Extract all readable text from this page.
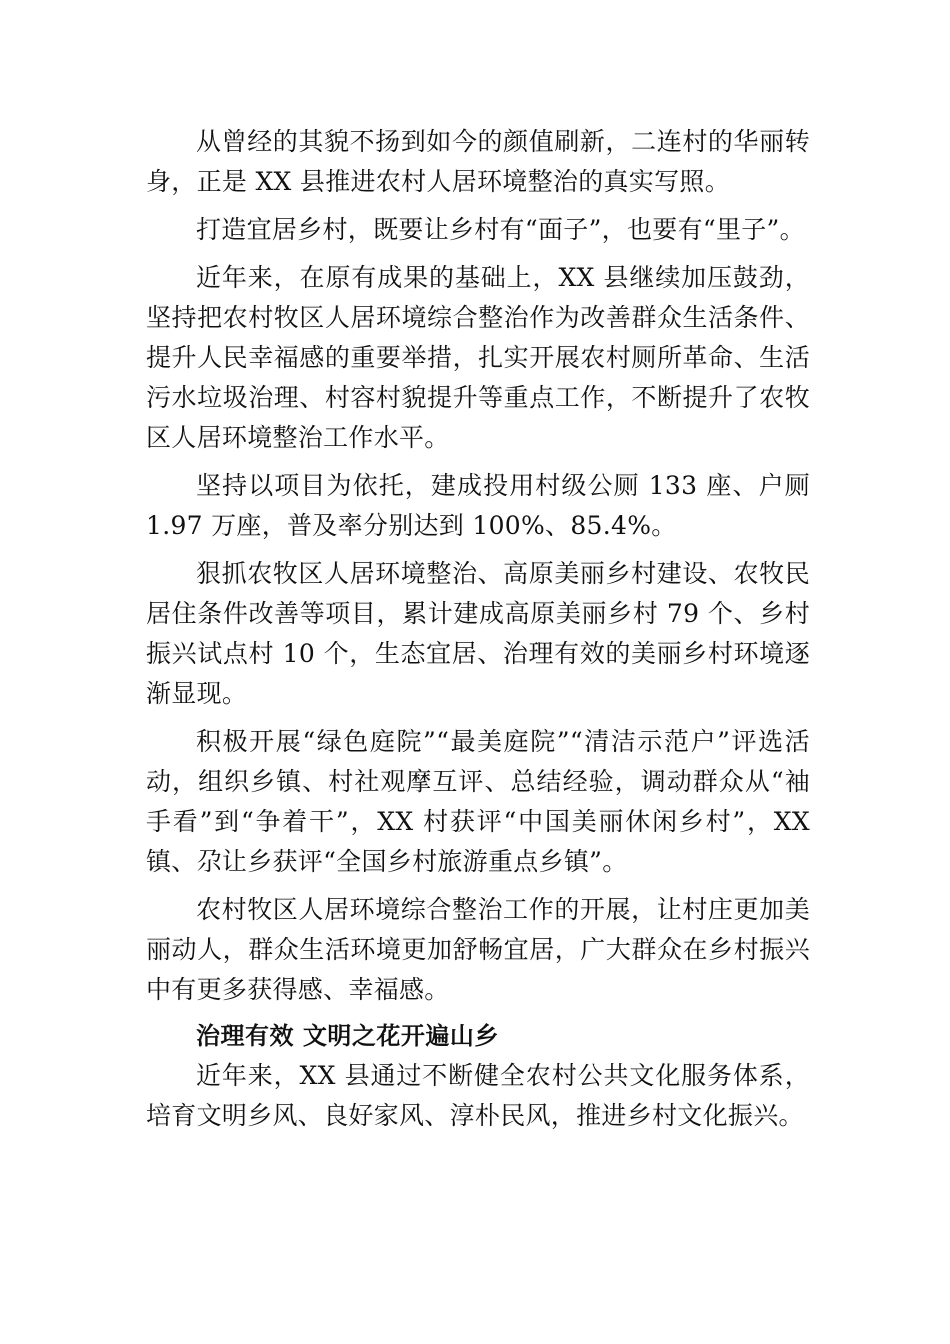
从曾经的其貌不扬到如今的颜值刷新，二连村的华丽转身，正是 XX 县推进农村人居环境整治的真实写照。

打造宜居乡村，既要让乡村有“面子”，也要有“里子”。

近年来，在原有成果的基础上，XX 县继续加压鼓劲，坚持把农村牧区人居环境综合整治作为改善群众生活条件、 提升人民幸福感的重要举措，扎实开展农村厕所革命、生活污水垃圾治理、村容村貌提升等重点工作，不断提升了农牧区人居环境整治工作水平。

坚持以项目为依托，建成投用村级公厕 133 座、户厕 1.97 万座，普及率分别达到 100%、85.4%。

狠抓农牧区人居环境整治、高原美丽乡村建设、农牧民居住条件改善等项目，累计建成高原美丽乡村 79 个、乡村振兴试点村 10 个，生态宜居、治理有效的美丽乡村环境逐渐显现。

积极开展“绿色庭院”“最美庭院”“清洁示范户”评选活动，组织乡镇、村社观摩互评、总结经验，调动群众从“袖手看”到“争着干”，XX 村获评“中国美丽休闲乡村”，XX 镇、尕让乡获评“全国乡村旅游重点乡镇”。

农村牧区人居环境综合整治工作的开展，让村庄更加美丽动人，群众生活环境更加舒畅宜居，广大群众在乡村振兴中有更多获得感、幸福感。

治理有效 文明之花开遍山乡

近年来，XX 县通过不断健全农村公共文化服务体系，培育文明乡风、良好家风、淳朴民风，推进乡村文化振兴。
